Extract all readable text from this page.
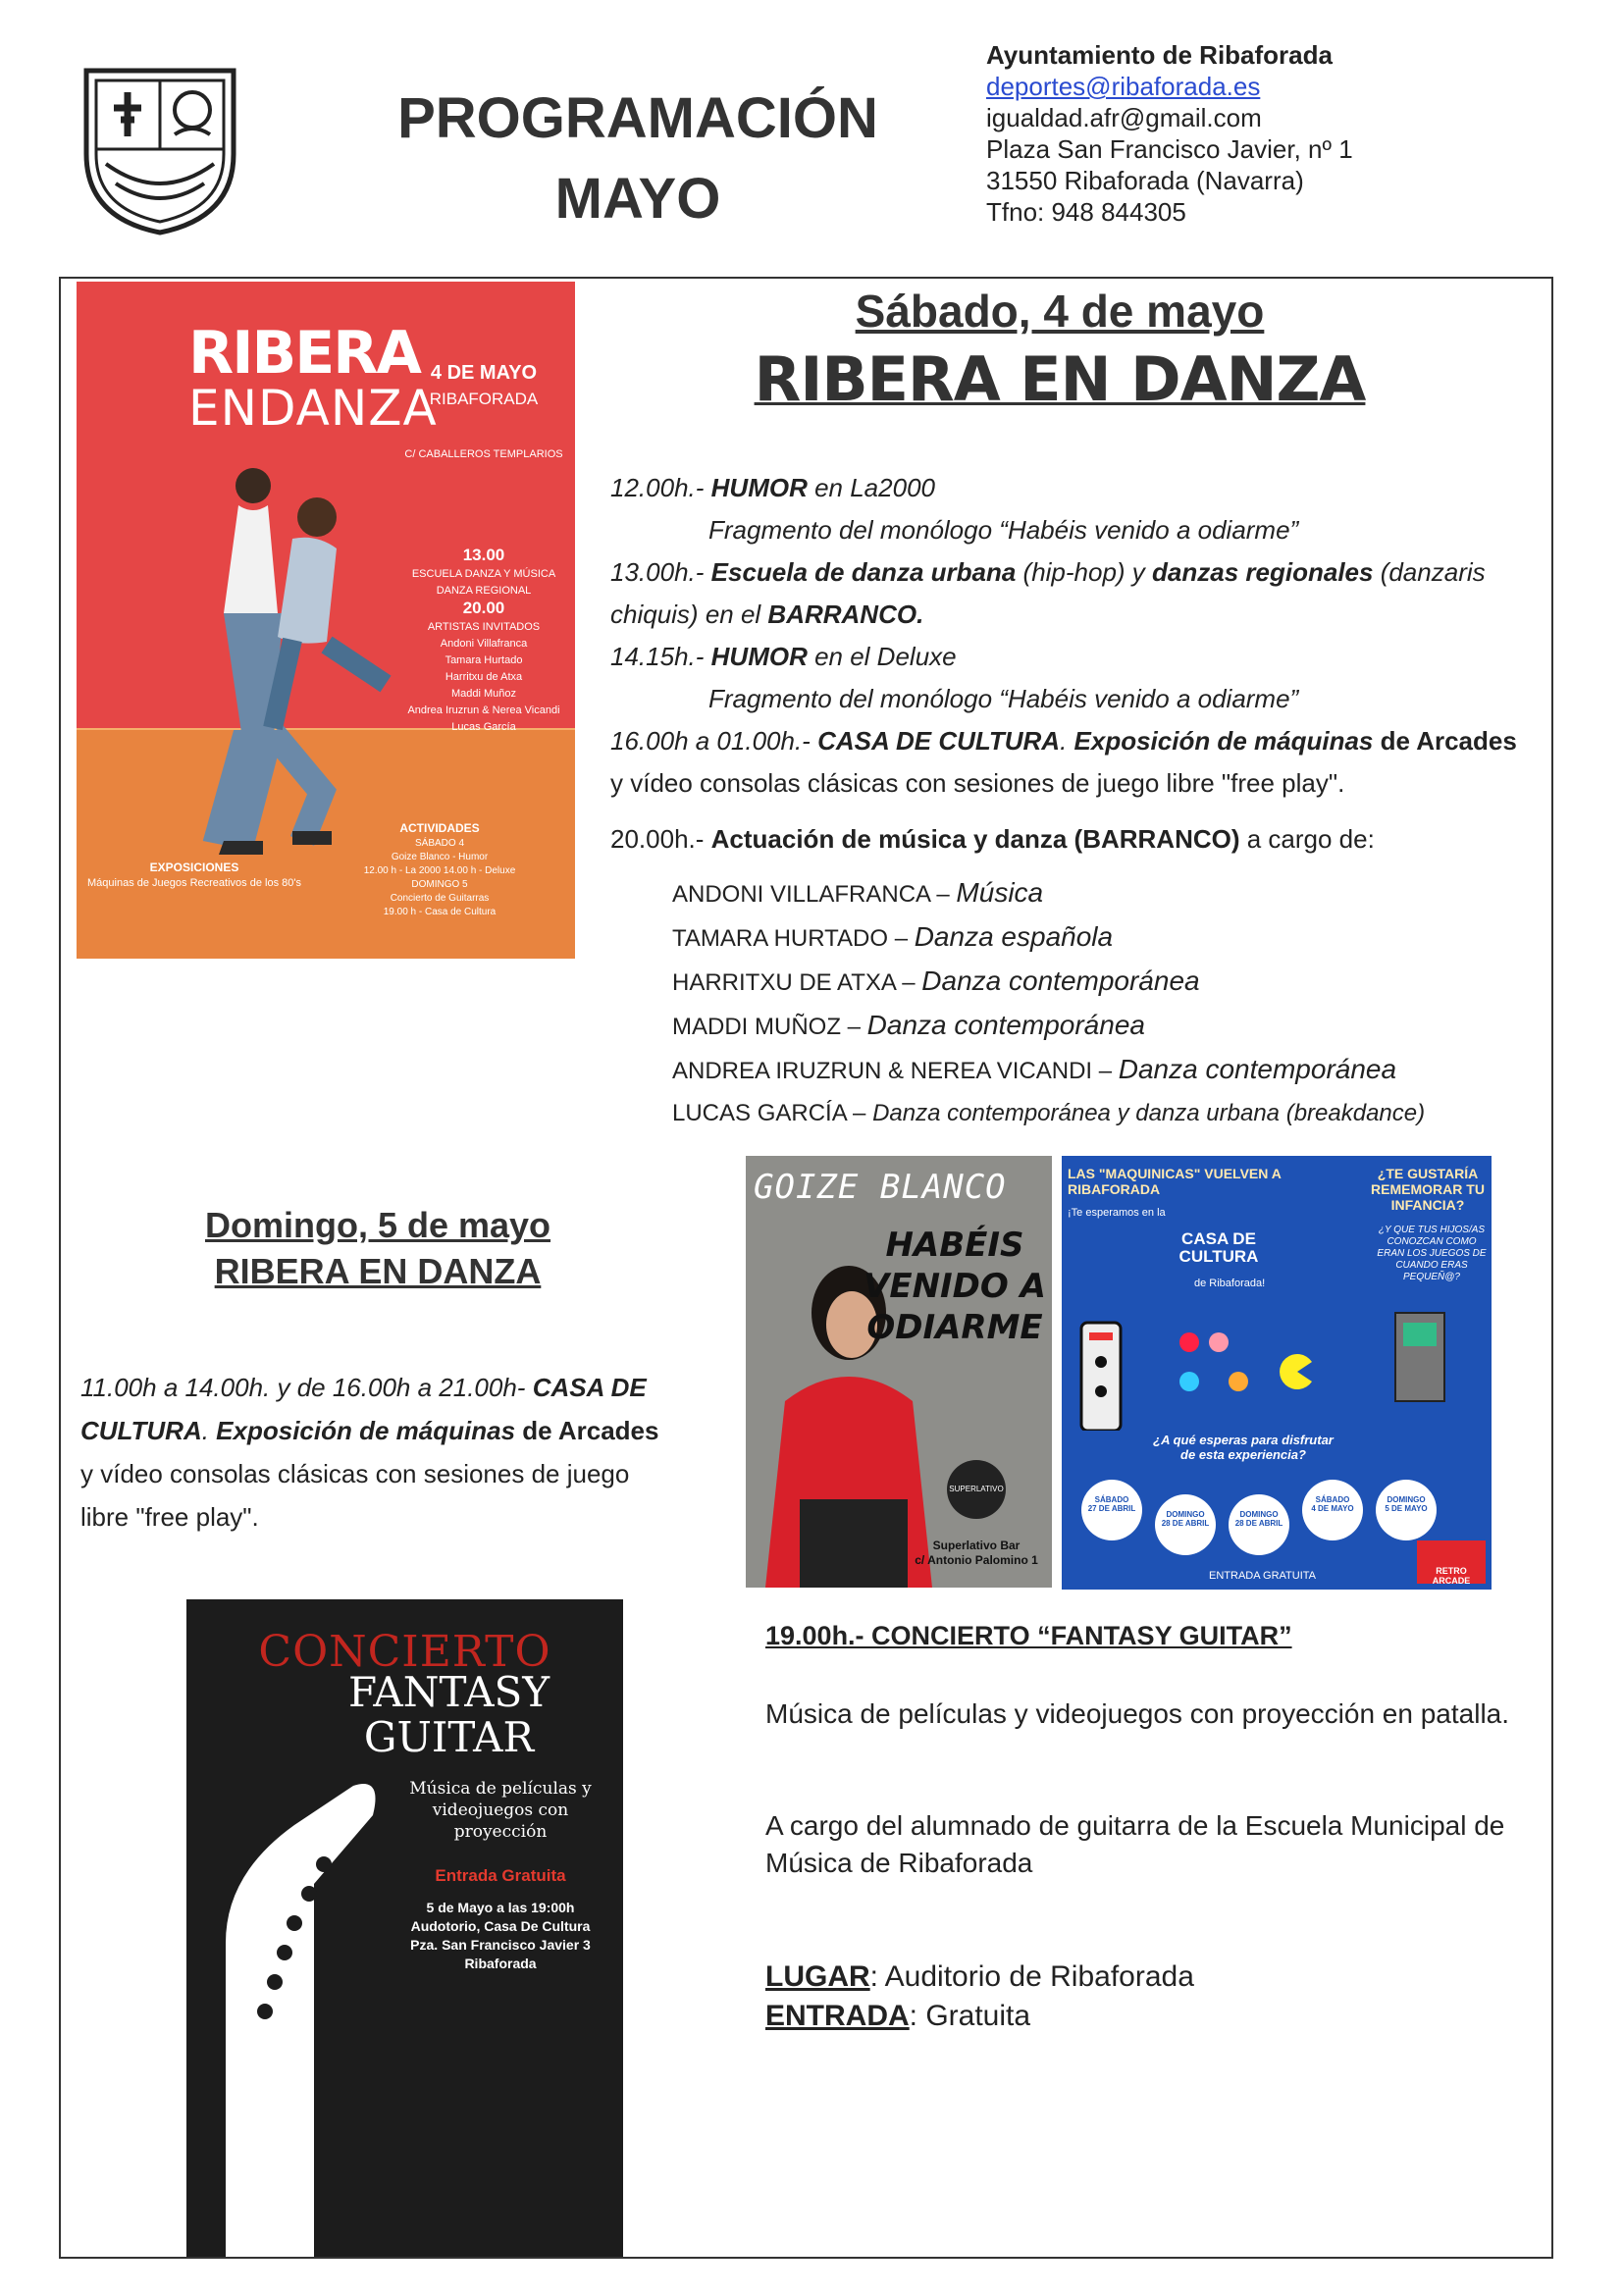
PROGRAMACIÓN
MAYO
Ayuntamiento de Ribaforada
deportes@ribaforada.es
igualdad.afr@gmail.com
Plaza San Francisco Javier, nº 1
31550 Ribaforada (Navarra)
Tfno: 948 844305
RIBERA
ENDANZA
4 DE MAYO
RIBAFORADA
C/ CABALLEROS TEMPLARIOS
13.00
ESCUELA DANZA Y MÚSICA
DANZA REGIONAL
20.00
ARTISTAS INVITADOS
Andoni Villafranca
Tamara Hurtado
Harritxu de Atxa
Maddi Muñoz
Andrea Iruzrun & Nerea Vicandi
Lucas García
EXPOSICIONES
Máquinas de Juegos Recreativos de los 80's
ACTIVIDADES
SÁBADO 4
Goize Blanco - Humor
12.00 h - La 2000 14.00 h - Deluxe
DOMINGO 5
Concierto de Guitarras
19.00 h - Casa de Cultura
Sábado, 4 de mayo
RIBERA EN DANZA

12.00h.- HUMOR en La2000

Fragmento del monólogo “Habéis venido a odiarme”

13.00h.- Escuela de danza urbana (hip-hop) y danzas regionales (danzaris chiquis) en el BARRANCO.

14.15h.- HUMOR en el Deluxe

Fragmento del monólogo “Habéis venido a odiarme”

16.00h a 01.00h.- CASA DE CULTURA. Exposición de máquinas de Arcades

y vídeo consolas clásicas con sesiones de juego libre "free play".

20.00h.- Actuación de música y danza (BARRANCO) a cargo de:

ANDONI VILLAFRANCA – Música

TAMARA HURTADO – Danza española

HARRITXU DE ATXA – Danza contemporánea

MADDI MUÑOZ – Danza contemporánea

ANDREA IRUZRUN & NEREA VICANDI – Danza contemporánea

LUCAS GARCÍA – Danza contemporánea y danza urbana (breakdance)

Domingo, 5 de mayo
RIBERA EN DANZA
11.00h a 14.00h. y de 16.00h a 21.00h- CASA DE CULTURA. Exposición de máquinas de Arcades y vídeo consolas clásicas con sesiones de juego libre "free play".
GOIZE BLANCO
HABÉIS VENIDO A ODIARME
SUPERLATIVO
Superlativo Bar
c/ Antonio Palomino 1
LAS "MAQUINICAS" VUELVEN A RIBAFORADA
¿TE GUSTARÍA REMEMORAR TU INFANCIA?
¡Te esperamos en la
CASA DE CULTURA
de Ribaforada!
¿Y QUE TUS HIJOS/AS CONOZCAN COMO ERAN LOS JUEGOS DE CUANDO ERAS PEQUEÑ@?
¿A qué esperas para disfrutar de esta experiencia?
SÁBADO
27 DE ABRIL
DOMINGO
28 DE ABRIL
DOMINGO
28 DE ABRIL
SÁBADO
4 DE MAYO
DOMINGO
5 DE MAYO
ENTRADA GRATUITA	RETRO ARCADE
CONCIERTO
FANTASY GUITAR
Música de películas y videojuegos con proyección
Entrada Gratuita
5 de Mayo a las 19:00h
Audotorio, Casa De Cultura
Pza. San Francisco Javier 3
Ribaforada
19.00h.- CONCIERTO “FANTASY GUITAR”
Música de películas y videojuegos con proyección en patalla.
A cargo del alumnado de guitarra de la Escuela Municipal de Música de Ribaforada
LUGAR: Auditorio de Ribaforada
ENTRADA: Gratuita
